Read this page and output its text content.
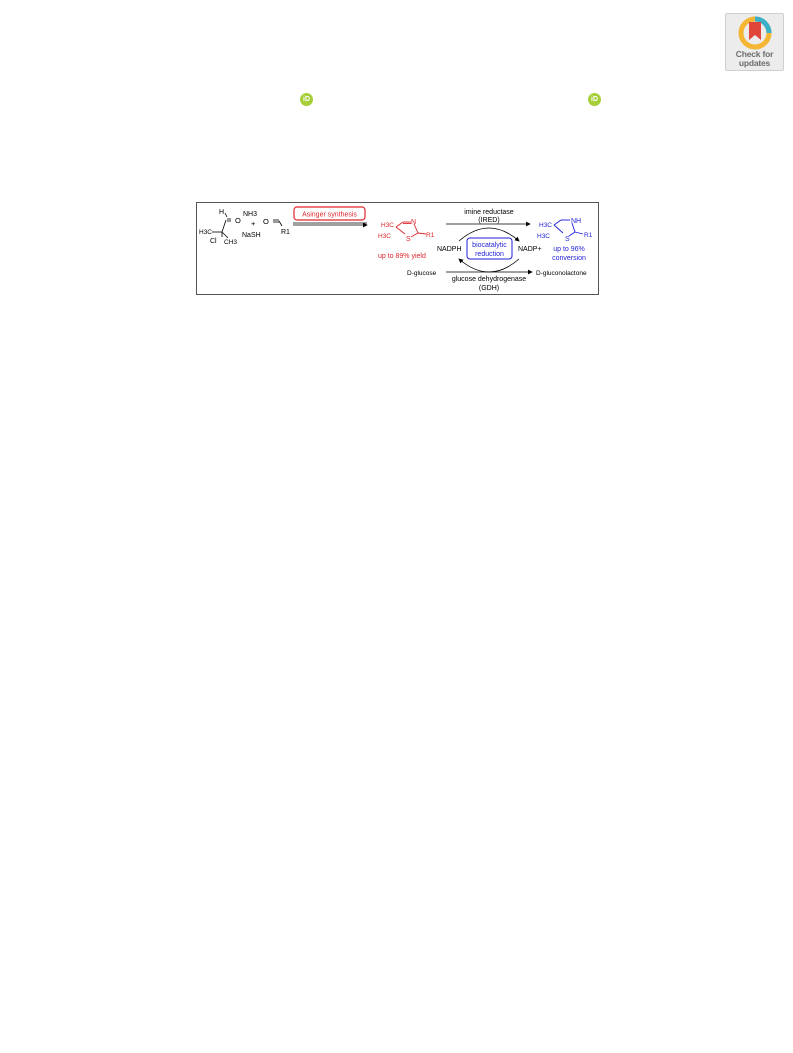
Check for
updates
iD	iD
H
O
H3C
Cl CH3
NH3
+
NaSH
O
R1
Asinger synthesis
H3C
H3C
N
S
R1
up to 89% yield
imine reductase
(IRED)
NADPH	NADP+
biocatalytic
reduction
H3C
H3C
NH
S
R1
up to 96%
conversion
D-glucose	D-gluconolactone
glucose dehydrogenase
(GDH)
